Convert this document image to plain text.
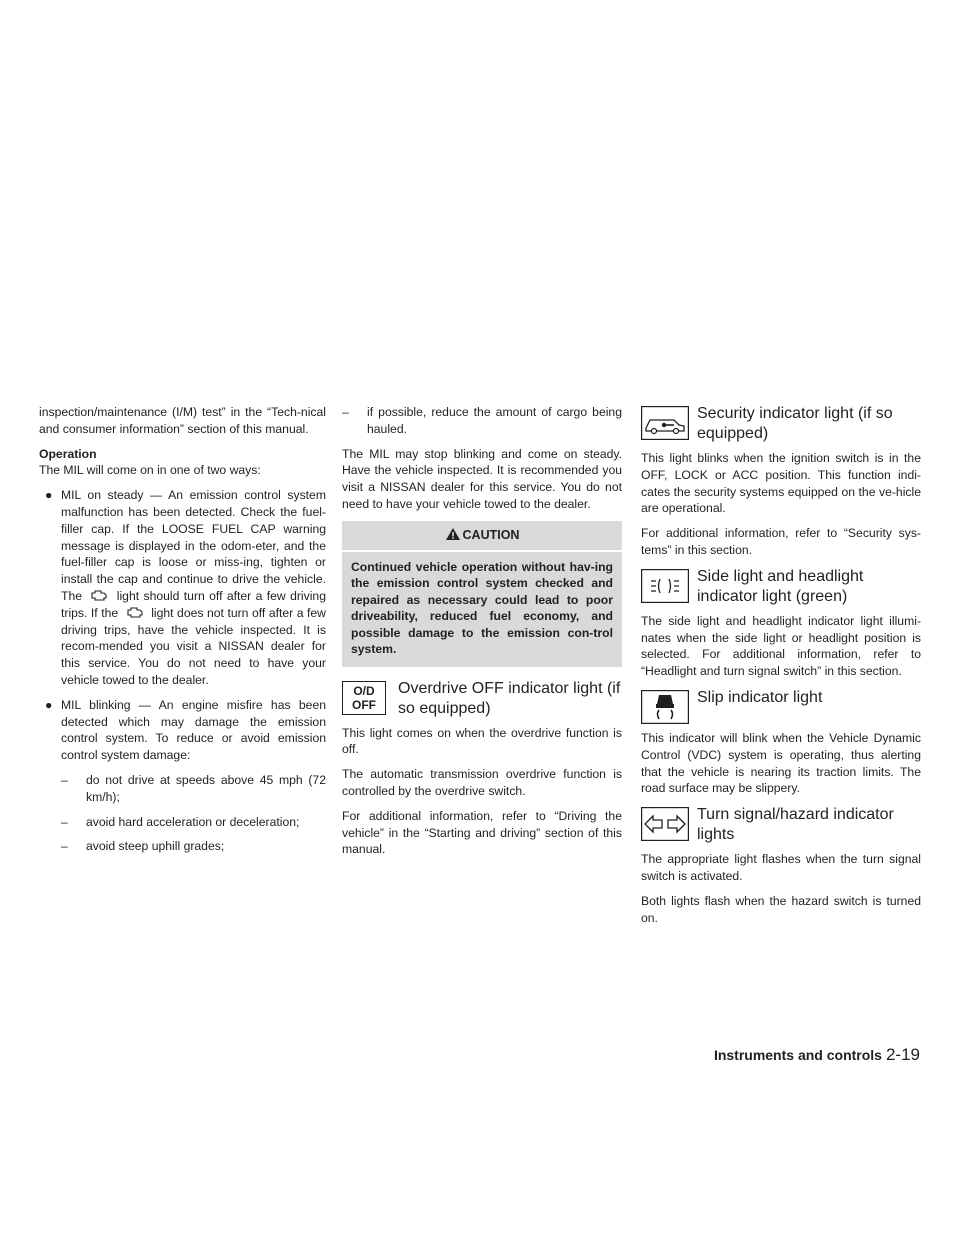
inspection/maintenance (I/M) test” in the “Tech-nical and consumer information” section of this manual.

Operation

The MIL will come on in one of two ways:

● MIL on steady — An emission control system malfunction has been detected. Check the fuel-filler cap. If the LOOSE FUEL CAP warning message is displayed in the odom-eter, and the fuel-filler cap is loose or miss-ing, tighten or install the cap and continue to drive the vehicle. The	light should turn off after a few driving trips. If the	light does not turn off after a few driving trips, have the vehicle inspected. It is recom-mended you visit a NISSAN dealer for this service. You do not need to have your vehicle towed to the dealer.
● MIL blinking — An engine misfire has been detected which may damage the emission control system. To reduce or avoid emission control system damage:

– do not drive at speeds above 45 mph (72 km/h);

– avoid hard acceleration or deceleration;

– avoid steep uphill grades;

– if possible, reduce the amount of cargo being hauled.

The MIL may stop blinking and come on steady. Have the vehicle inspected. It is recommended you visit a NISSAN dealer for this service. You do not need to have your vehicle towed to the dealer.

CAUTION
Continued vehicle operation without hav-ing the emission control system checked and repaired as necessary could lead to poor driveability, reduced fuel economy, and possible damage to the emission con-trol system.
O/D
OFF
Overdrive OFF indicator light (if so equipped)

This light comes on when the overdrive function is off.

The automatic transmission overdrive function is controlled by the overdrive switch.

For additional information, refer to “Driving the vehicle” in the “Starting and driving” section of this manual.

Security indicator light (if so equipped)

This light blinks when the ignition switch is in the OFF, LOCK or ACC position. This function indi-cates the security systems equipped on the ve-hicle are operational.

For additional information, refer to “Security sys-tems” in this section.

Side light and headlight indicator light (green)

The side light and headlight indicator light illumi-nates when the side light or headlight position is selected. For additional information, refer to “Headlight and turn signal switch” in this section.

Slip indicator light

This indicator will blink when the Vehicle Dynamic Control (VDC) system is operating, thus alerting that the vehicle is nearing its traction limits. The road surface may be slippery.

Turn signal/hazard indicator lights

The appropriate light flashes when the turn signal switch is activated.

Both lights flash when the hazard switch is turned on.

Instruments and controls 2-19
